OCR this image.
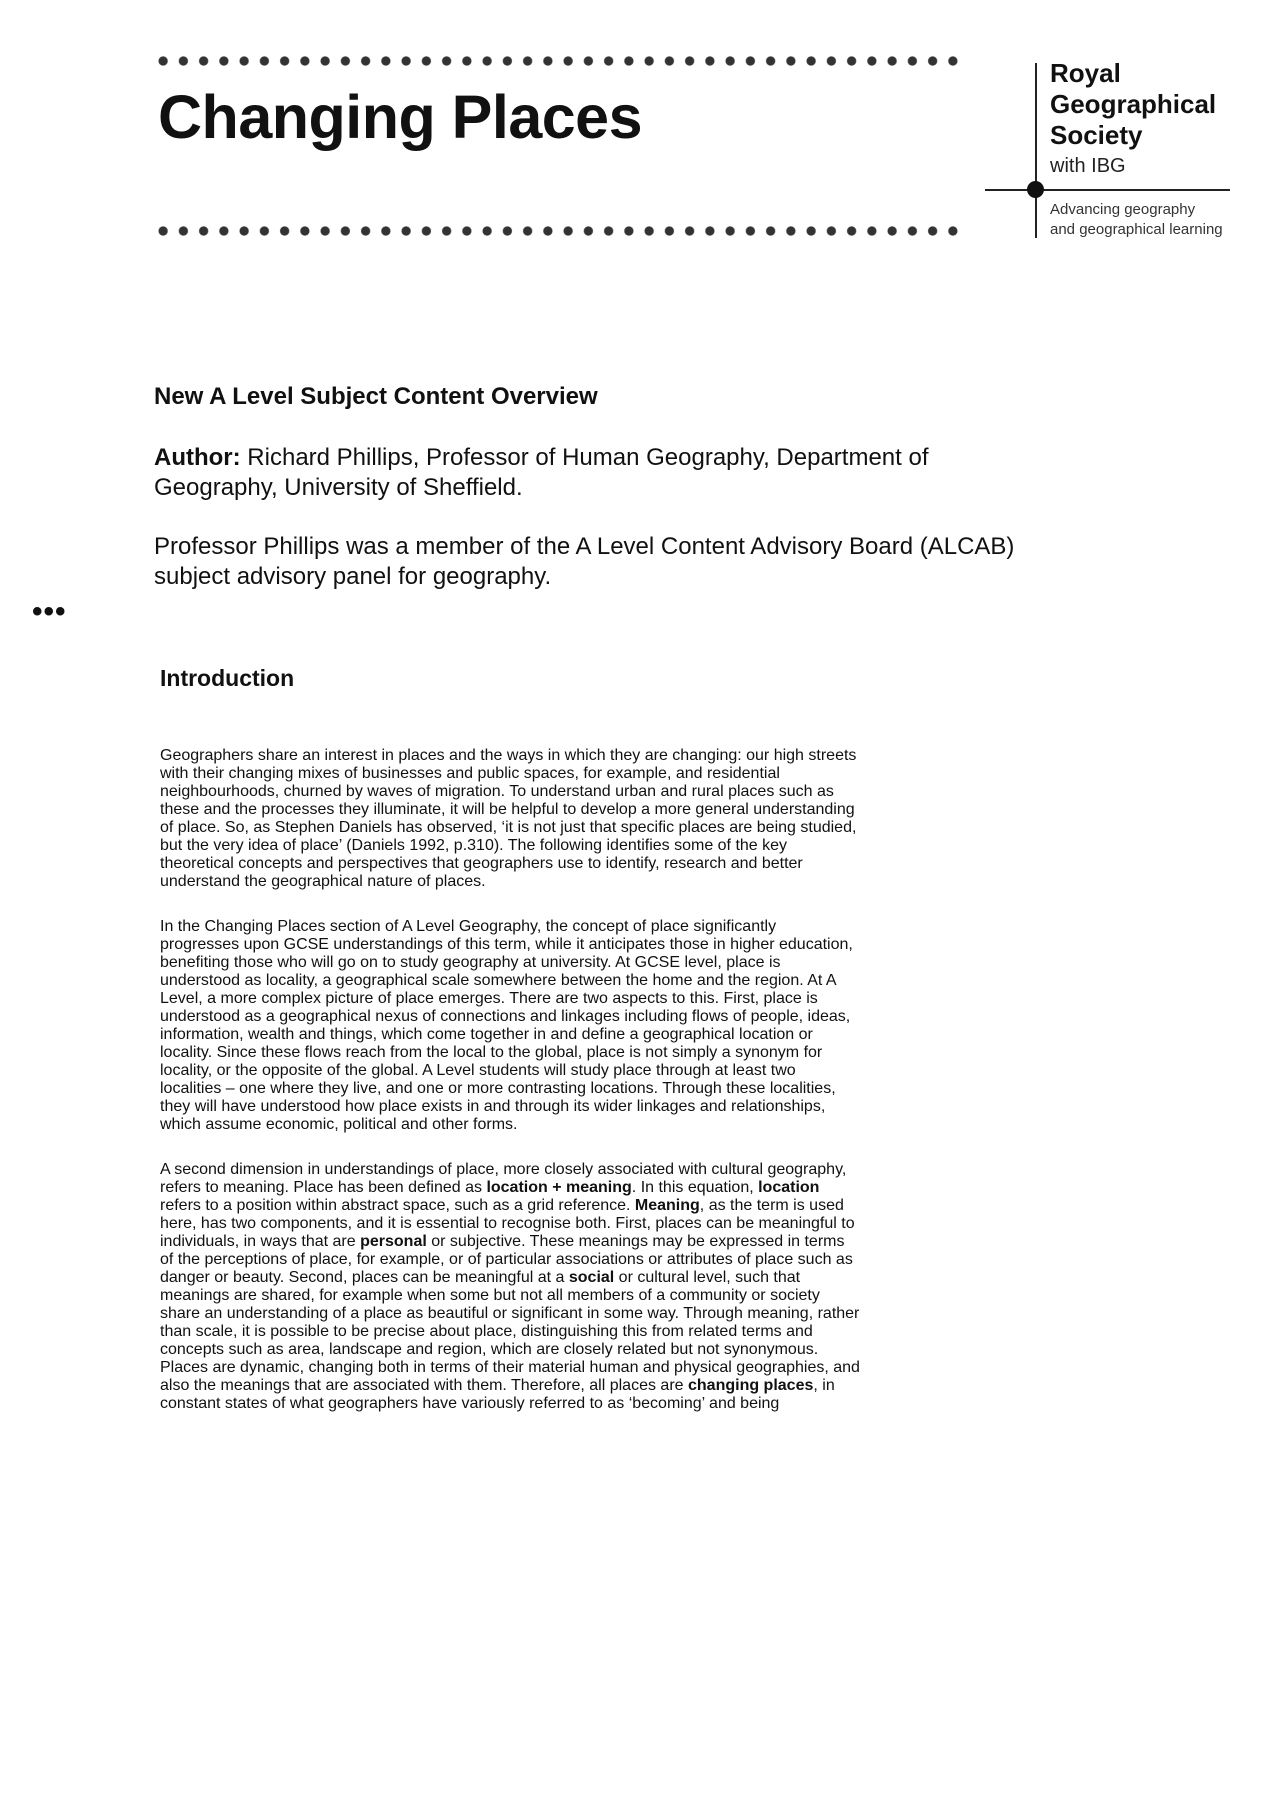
Changing Places
Royal
Geographical
Society
with IBG
Advancing geography
and geographical learning

New A Level Subject Content Overview

Author: Richard Phillips, Professor of Human Geography, Department of
Geography, University of Sheffield.

Professor Phillips was a member of the A Level Content Advisory Board (ALCAB)
subject advisory panel for geography.

•••
Introduction

Geographers share an interest in places and the ways in which they are changing: our high streets
with their changing mixes of businesses and public spaces, for example, and residential
neighbourhoods, churned by waves of migration. To understand urban and rural places such as
these and the processes they illuminate, it will be helpful to develop a more general understanding
of place. So, as Stephen Daniels has observed, ‘it is not just that specific places are being studied,
but the very idea of place’ (Daniels 1992, p.310). The following identifies some of the key
theoretical concepts and perspectives that geographers use to identify, research and better
understand the geographical nature of places.

In the Changing Places section of A Level Geography, the concept of place significantly
progresses upon GCSE understandings of this term, while it anticipates those in higher education,
benefiting those who will go on to study geography at university. At GCSE level, place is
understood as locality, a geographical scale somewhere between the home and the region. At A
Level, a more complex picture of place emerges. There are two aspects to this. First, place is
understood as a geographical nexus of connections and linkages including flows of people, ideas,
information, wealth and things, which come together in and define a geographical location or
locality. Since these flows reach from the local to the global, place is not simply a synonym for
locality, or the opposite of the global. A Level students will study place through at least two
localities – one where they live, and one or more contrasting locations. Through these localities,
they will have understood how place exists in and through its wider linkages and relationships,
which assume economic, political and other forms.

A second dimension in understandings of place, more closely associated with cultural geography,
refers to meaning. Place has been defined as location + meaning. In this equation, location
refers to a position within abstract space, such as a grid reference. Meaning, as the term is used
here, has two components, and it is essential to recognise both. First, places can be meaningful to
individuals, in ways that are personal or subjective. These meanings may be expressed in terms
of the perceptions of place, for example, or of particular associations or attributes of place such as
danger or beauty. Second, places can be meaningful at a social or cultural level, such that
meanings are shared, for example when some but not all members of a community or society
share an understanding of a place as beautiful or significant in some way. Through meaning, rather
than scale, it is possible to be precise about place, distinguishing this from related terms and
concepts such as area, landscape and region, which are closely related but not synonymous.
Places are dynamic, changing both in terms of their material human and physical geographies, and
also the meanings that are associated with them. Therefore, all places are changing places, in
constant states of what geographers have variously referred to as ‘becoming’ and being
